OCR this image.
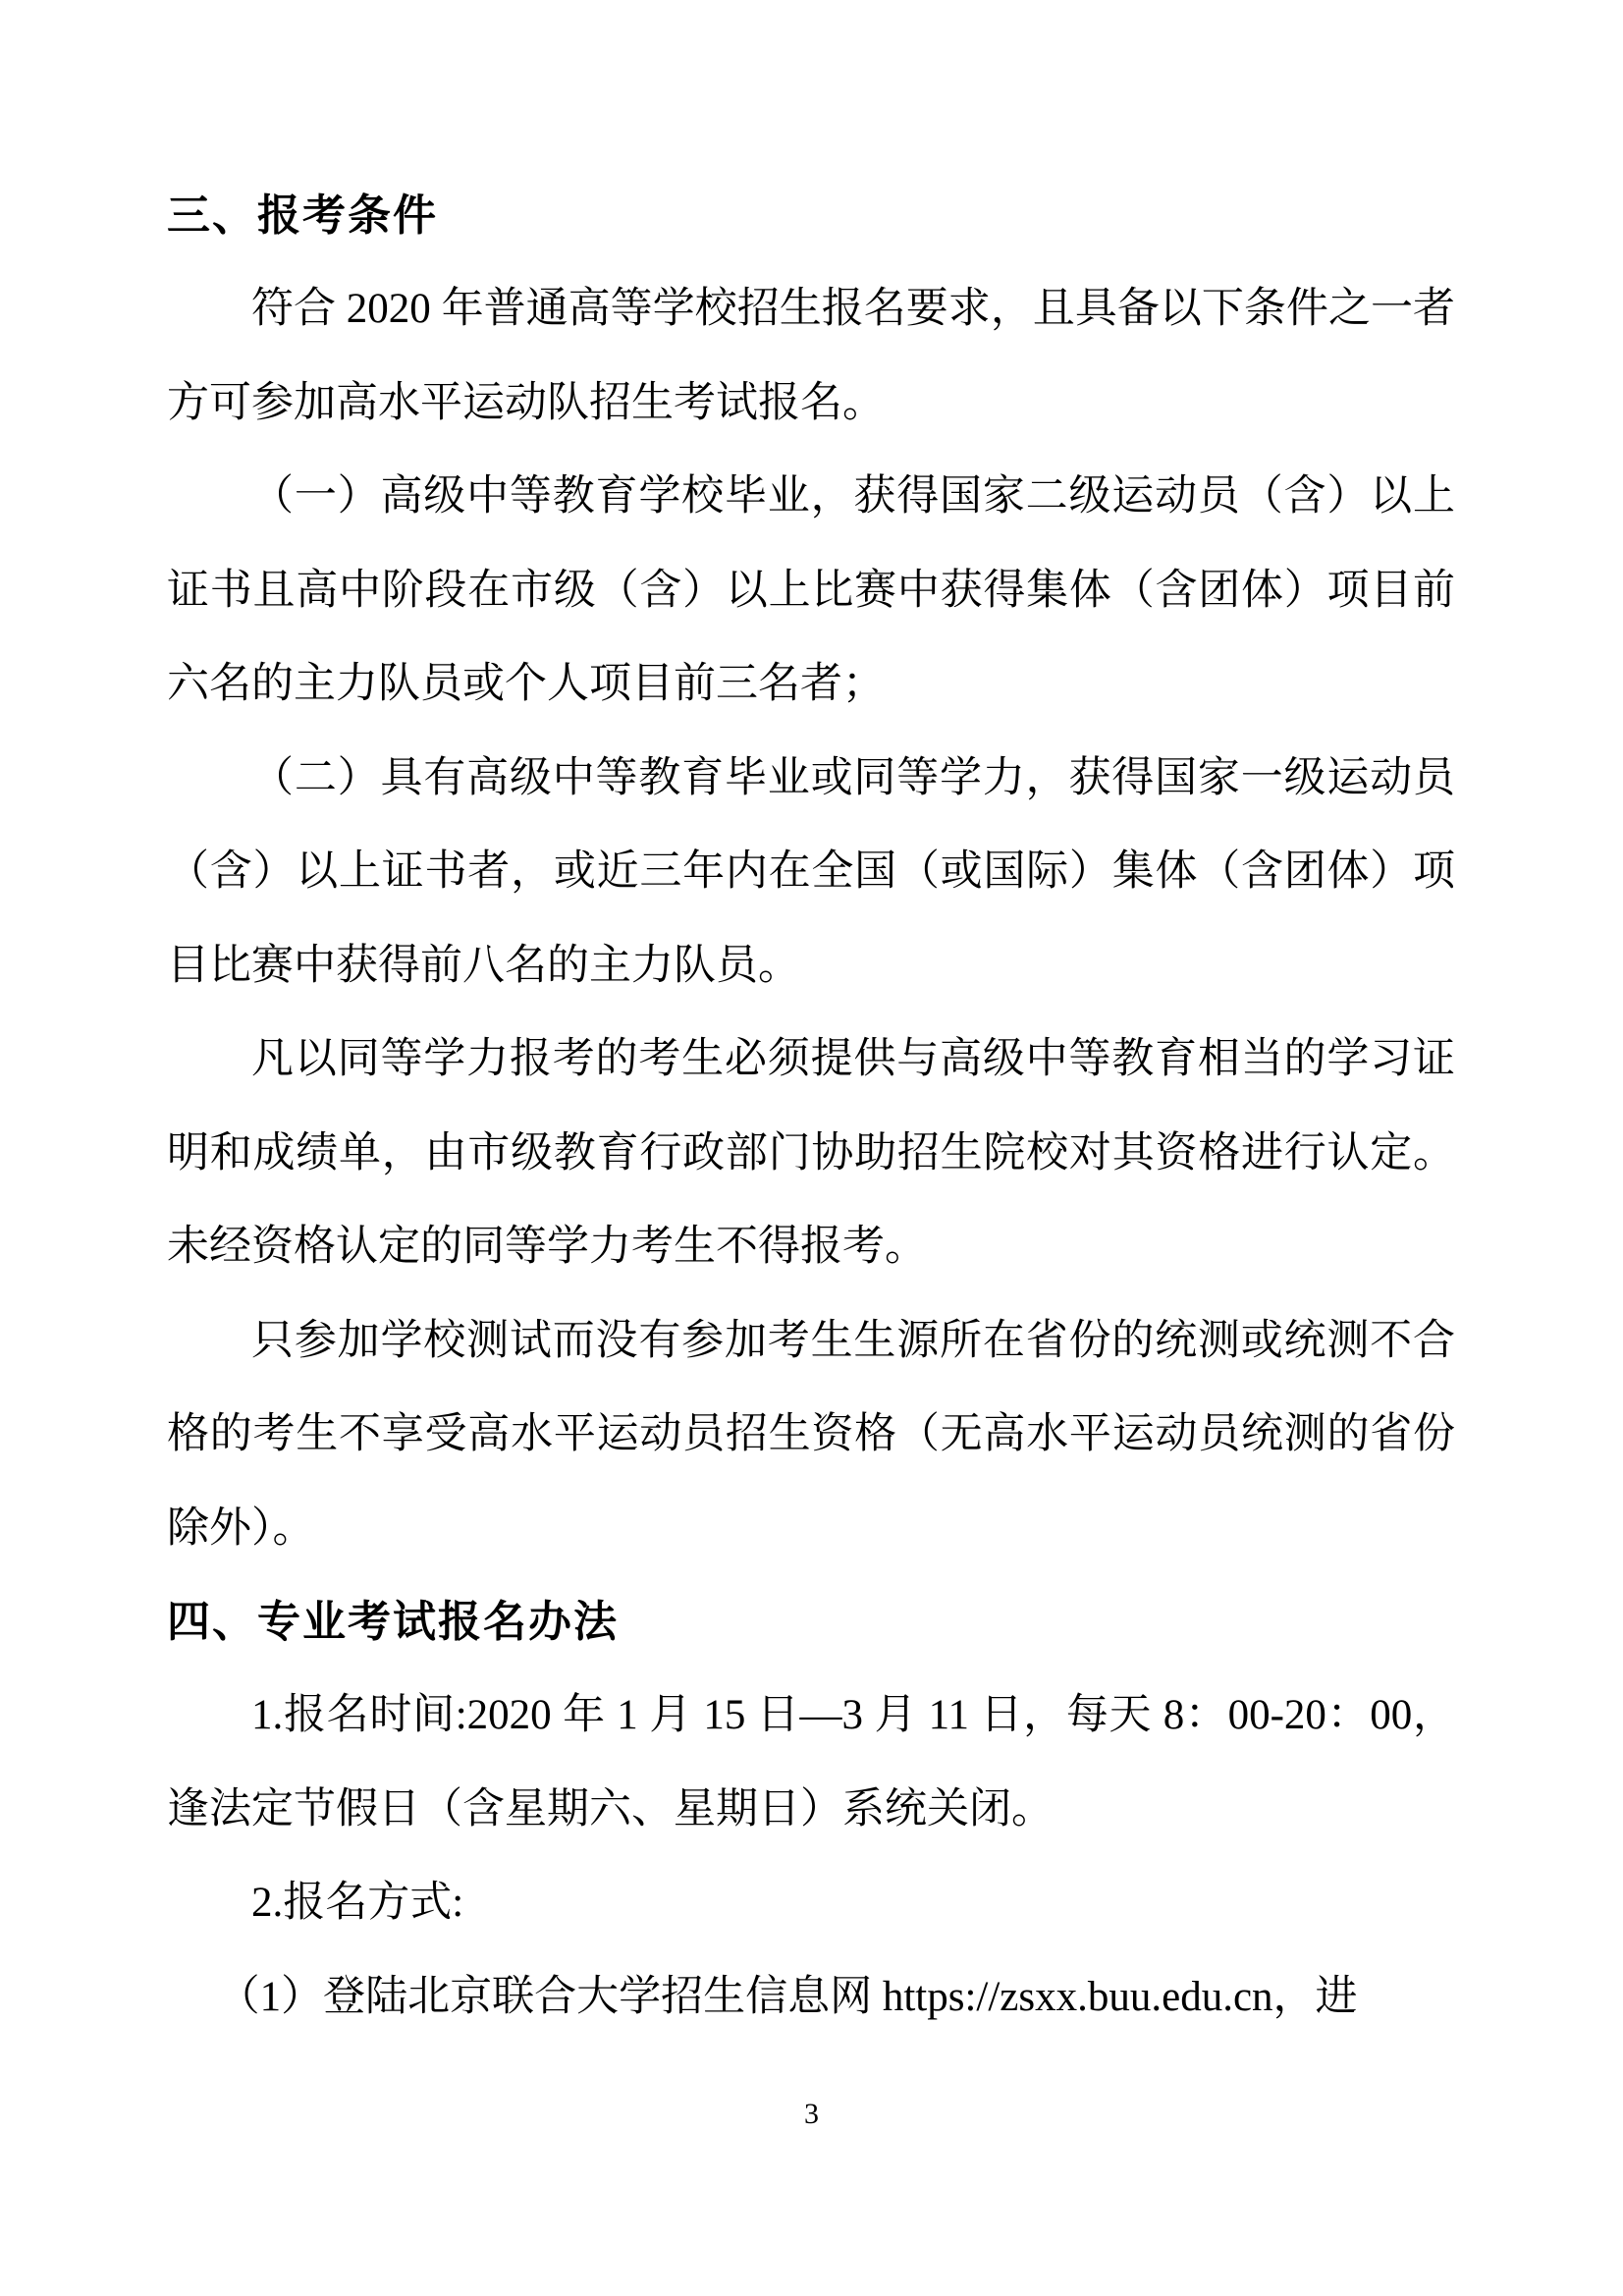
三、报考条件

符合 2020 年普通高等学校招生报名要求，且具备以下条件之一者方可参加高水平运动队招生考试报名。

（一）高级中等教育学校毕业，获得国家二级运动员（含）以上证书且高中阶段在市级（含）以上比赛中获得集体（含团体）项目前六名的主力队员或个人项目前三名者；

（二）具有高级中等教育毕业或同等学力，获得国家一级运动员（含）以上证书者，或近三年内在全国（或国际）集体（含团体）项目比赛中获得前八名的主力队员。

凡以同等学力报考的考生必须提供与高级中等教育相当的学习证明和成绩单，由市级教育行政部门协助招生院校对其资格进行认定。未经资格认定的同等学力考生不得报考。

只参加学校测试而没有参加考生生源所在省份的统测或统测不合格的考生不享受高水平运动员招生资格（无高水平运动员统测的省份除外）。

四、专业考试报名办法

1.报名时间:2020 年 1 月 15 日—3 月 11 日，每天 8：00-20：00，逢法定节假日（含星期六、星期日）系统关闭。

2.报名方式:

（1）登陆北京联合大学招生信息网 https://zsxx.buu.edu.cn，进

3
